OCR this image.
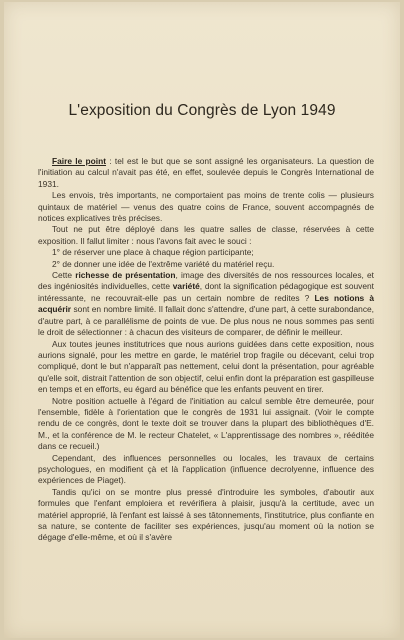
L'exposition du Congrès de Lyon 1949

Faire le point : tel est le but que se sont assigné les organisateurs. La question de l'initiation au calcul n'avait pas été, en effet, soulevée depuis le Congrès International de 1931.

Les envois, très importants, ne comportaient pas moins de trente colis — plusieurs quintaux de matériel — venus des quatre coins de France, souvent accompagnés de notices explicatives très précises.

Tout ne put être déployé dans les quatre salles de classe, réservées à cette exposition. Il fallut limiter : nous l'avons fait avec le souci :

1° de réserver une place à chaque région participante;

2° de donner une idée de l'extrême variété du matériel reçu.

Cette richesse de présentation, image des diversités de nos ressources locales, et des ingéniosités individuelles, cette variété, dont la signification pédagogique est souvent intéressante, ne recouvrait-elle pas un certain nombre de redites ? Les notions à acquérir sont en nombre limité. Il fallait donc s'attendre, d'une part, à cette surabondance, d'autre part, à ce parallélisme de points de vue. De plus nous ne nous sommes pas senti le droit de sélectionner : à chacun des visiteurs de comparer, de définir le meilleur.

Aux toutes jeunes institutrices que nous aurions guidées dans cette exposition, nous aurions signalé, pour les mettre en garde, le matériel trop fragile ou décevant, celui trop compliqué, dont le but n'apparaît pas nettement, celui dont la présentation, pour agréable qu'elle soit, distrait l'attention de son objectif, celui enfin dont la préparation est gaspilleuse en temps et en efforts, eu égard au bénéfice que les enfants peuvent en tirer.

Notre position actuelle à l'égard de l'initiation au calcul semble être demeurée, pour l'ensemble, fidèle à l'orientation que le congrès de 1931 lui assignait. (Voir le compte rendu de ce congrès, dont le texte doit se trouver dans la plupart des bibliothèques d'E. M., et la conférence de M. le recteur Chatelet, « L'apprentissage des nombres », rééditée dans ce recueil.)

Cependant, des influences personnelles ou locales, les travaux de certains psychologues, en modifient çà et là l'application (influence decrolyenne, influence des expériences de Piaget).

Tandis qu'ici on se montre plus pressé d'introduire les symboles, d'aboutir aux formules que l'enfant emploiera et revérifiera à plaisir, jusqu'à la certitude, avec un matériel approprié, là l'enfant est laissé à ses tâtonnements, l'institutrice, plus confiante en sa nature, se contente de faciliter ses expériences, jusqu'au moment où la notion se dégage d'elle-même, et où il s'avère
